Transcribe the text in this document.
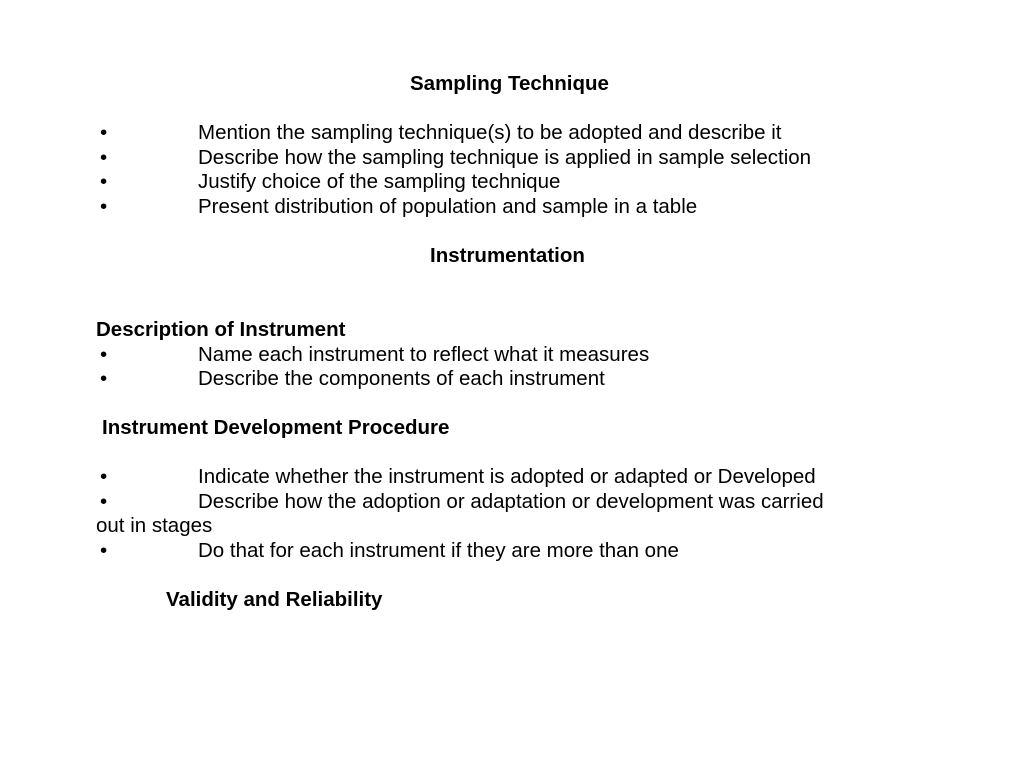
Sampling Technique
•	Mention the sampling technique(s) to be adopted and describe it
•	Describe how the sampling technique is applied in sample selection
•	Justify choice of the sampling technique
•	Present distribution of population and sample in a table
Instrumentation
Description of Instrument
•	Name each instrument to reflect what it measures
•	Describe the components of each instrument
Instrument Development Procedure
•	Indicate whether the instrument is adopted or adapted or Developed
•	Describe how the adoption or adaptation or development was carried
out in stages
•	Do that for each instrument if they are more than one
Validity and Reliability
